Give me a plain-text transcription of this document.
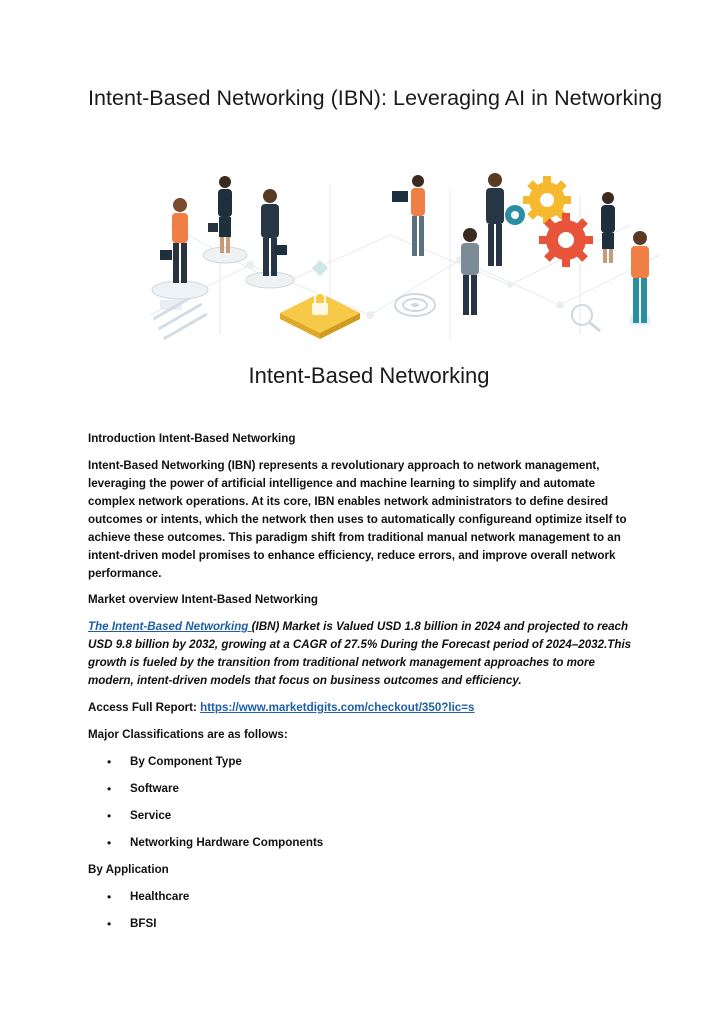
Intent-Based Networking (IBN): Leveraging AI in Networking
Intent-Based Networking

Introduction Intent-Based Networking

Intent-Based Networking (IBN) represents a revolutionary approach to network management, leveraging the power of artificial intelligence and machine learning to simplify and automate complex network operations. At its core, IBN enables network administrators to define desired outcomes or intents, which the network then uses to automatically configureand optimize itself to achieve these outcomes. This paradigm shift from traditional manual network management to an intent-driven model promises to enhance efficiency, reduce errors, and improve overall network performance.

Market overview Intent-Based Networking

The Intent-Based Networking (IBN) Market is Valued USD 1.8 billion in 2024 and projected to reach USD 9.8 billion by 2032, growing at a CAGR of 27.5% During the Forecast period of 2024–2032.This growth is fueled by the transition from traditional network management approaches to more modern, intent-driven models that focus on business outcomes and efficiency.

Access Full Report: https://www.marketdigits.com/checkout/350?lic=s

Major Classifications are as follows:

• By Component Type
• Software
• Service
• Networking Hardware Components

By Application

• Healthcare
• BFSI
